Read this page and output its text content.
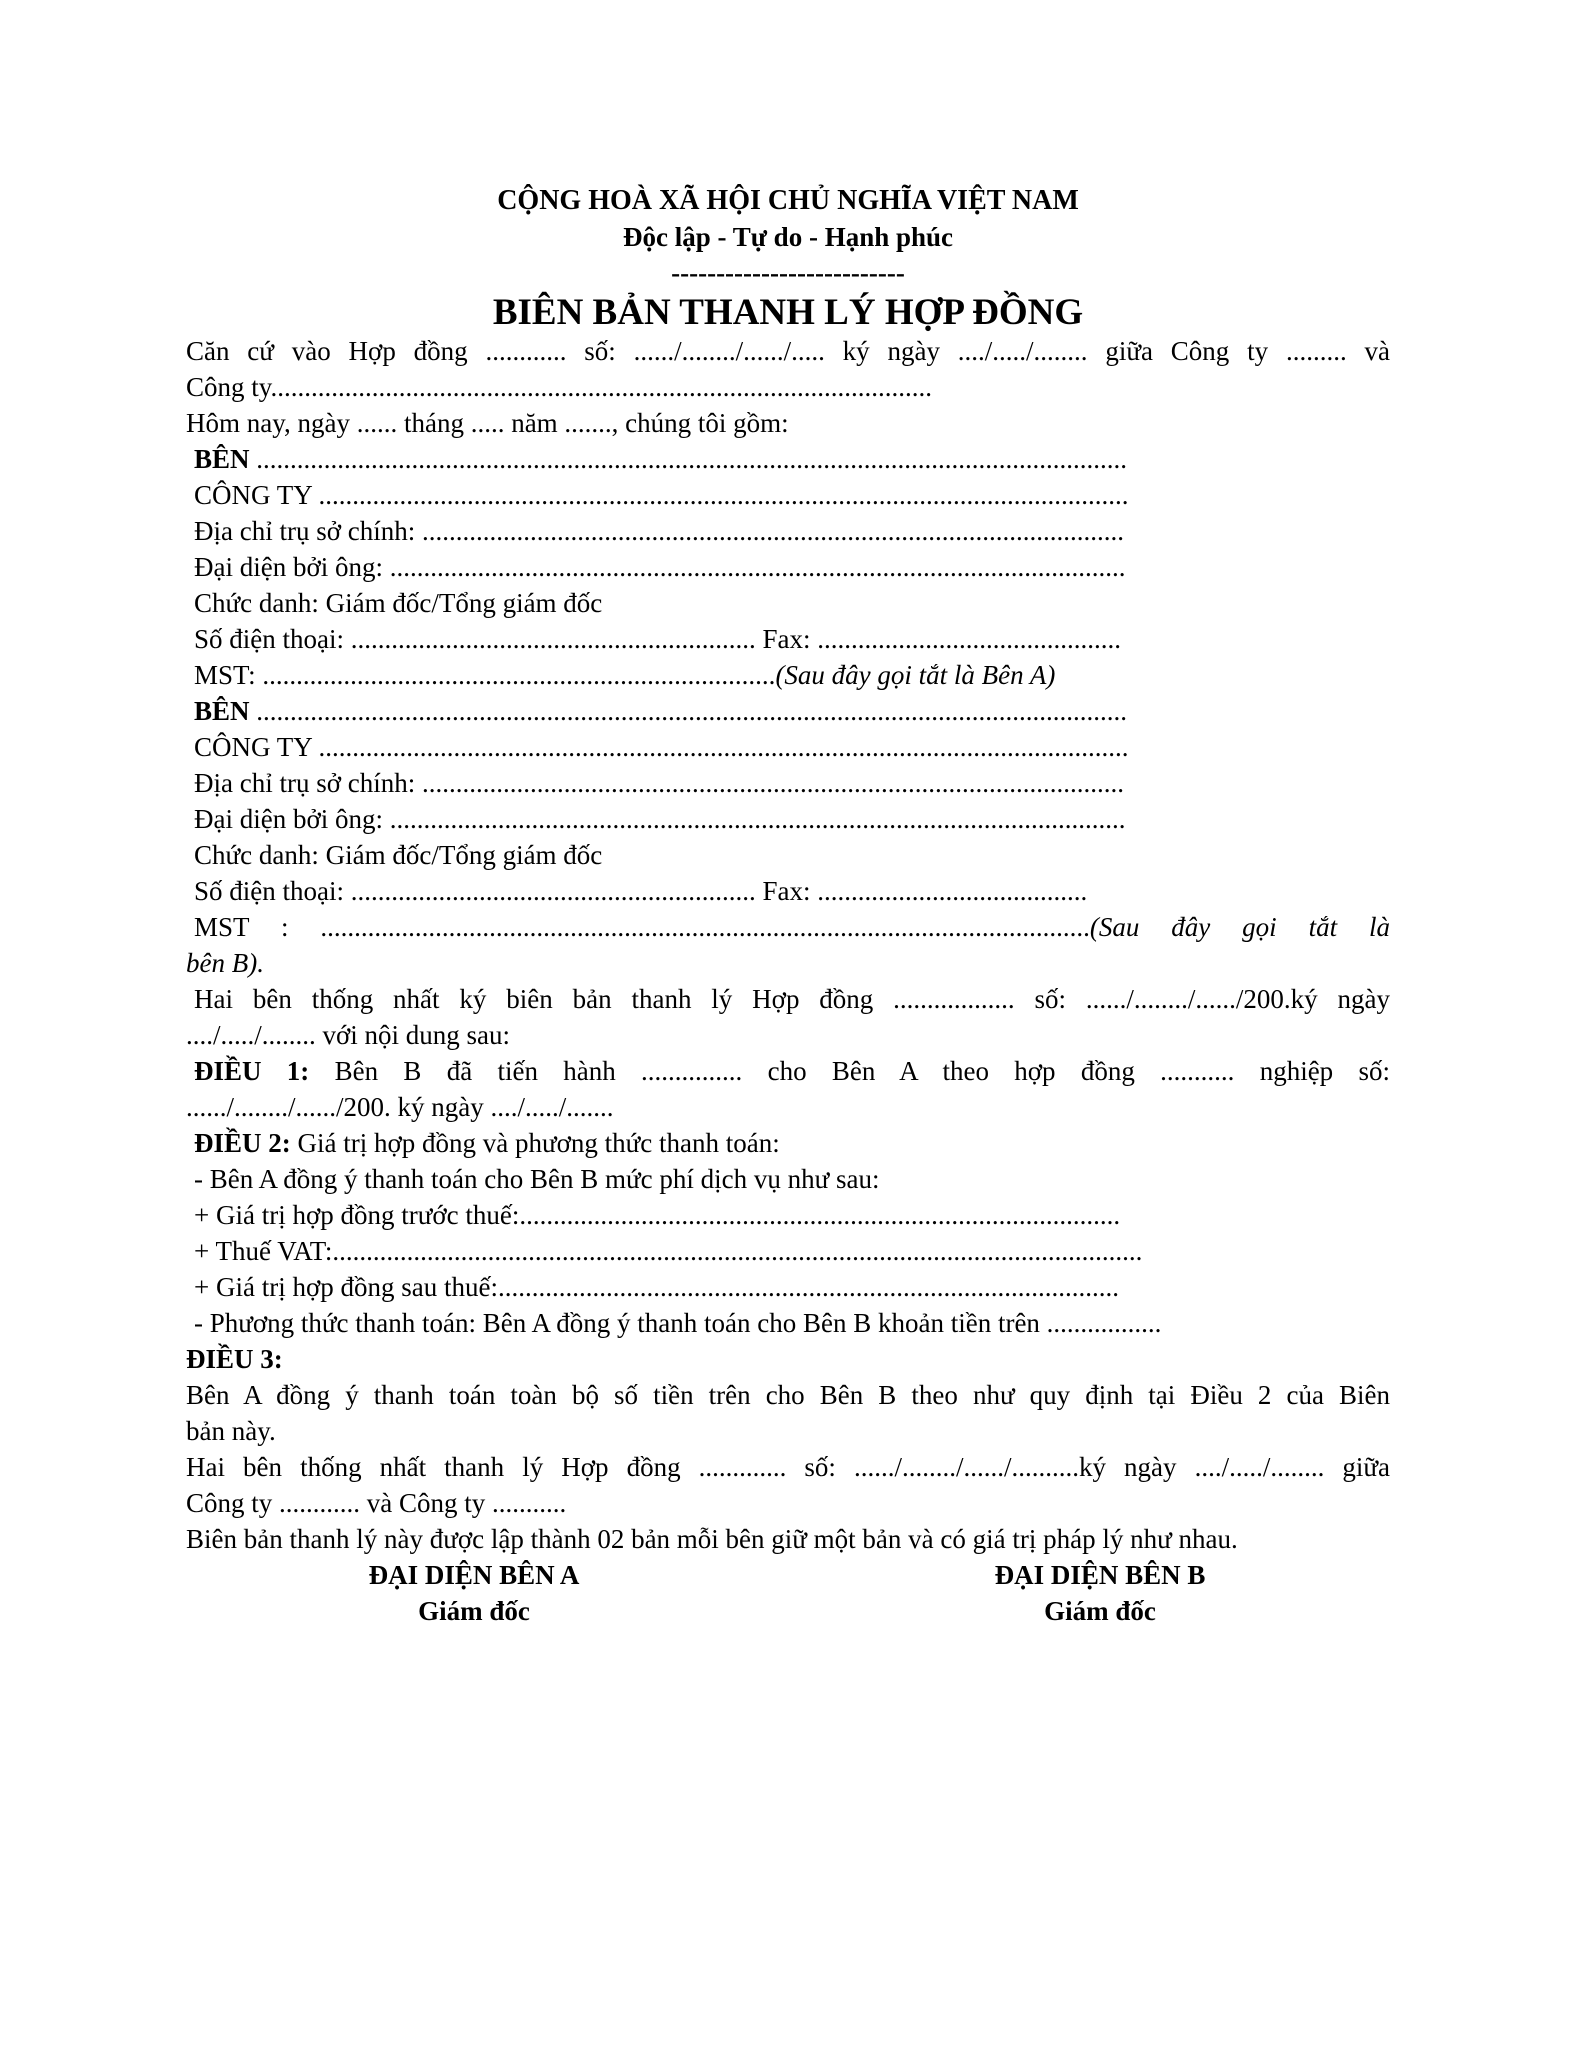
CỘNG HOÀ XÃ HỘI CHỦ NGHĨA VIỆT NAM
Độc lập - Tự do - Hạnh phúc
--------------------------
BIÊN BẢN THANH LÝ HỢP ĐỒNG
Căn cứ vào Hợp đồng ............ số: ....../......../....../..... ký ngày ..../...../........ giữa Công ty ......... và
Công ty..................................................................................................
Hôm nay, ngày ...... tháng ..... năm ......., chúng tôi gồm:
BÊN .................................................................................................................................
CÔNG TY ........................................................................................................................
Địa chỉ trụ sở chính: ........................................................................................................
Đại diện bởi ông: .............................................................................................................
Chức danh: Giám đốc/Tổng giám đốc
Số điện thoại: ............................................................ Fax: .............................................
MST: ............................................................................(Sau đây gọi tắt là Bên A)
BÊN .................................................................................................................................
CÔNG TY ........................................................................................................................
Địa chỉ trụ sở chính: ........................................................................................................
Đại diện bởi ông: .............................................................................................................
Chức danh: Giám đốc/Tổng giám đốc
Số điện thoại: ............................................................ Fax: ........................................
MST : ..................................................................................................................(Sau đây gọi tắt là
bên B).
Hai bên thống nhất ký biên bản thanh lý Hợp đồng .................. số: ....../......../....../200.ký ngày
..../...../........ với nội dung sau:
ĐIỀU 1: Bên B đã tiến hành ............... cho Bên A theo hợp đồng ........... nghiệp số:
....../......../....../200. ký ngày ..../...../.......
ĐIỀU 2: Giá trị hợp đồng và phương thức thanh toán:
- Bên A đồng ý thanh toán cho Bên B mức phí dịch vụ như sau:
+ Giá trị hợp đồng trước thuế:.........................................................................................
+ Thuế VAT:........................................................................................................................
+ Giá trị hợp đồng sau thuế:............................................................................................
- Phương thức thanh toán: Bên A đồng ý thanh toán cho Bên B khoản tiền trên .................
ĐIỀU 3:
Bên A đồng ý thanh toán toàn bộ số tiền trên cho Bên B theo như quy định tại Điều 2 của Biên
bản này.
Hai bên thống nhất thanh lý Hợp đồng ............. số: ....../......../....../..........ký ngày ..../...../........ giữa
Công ty ............ và Công ty ...........
Biên bản thanh lý này được lập thành 02 bản mỗi bên giữ một bản và có giá trị pháp lý như nhau.
ĐẠI DIỆN BÊN A
Giám đốc
ĐẠI DIỆN BÊN B
Giám đốc
